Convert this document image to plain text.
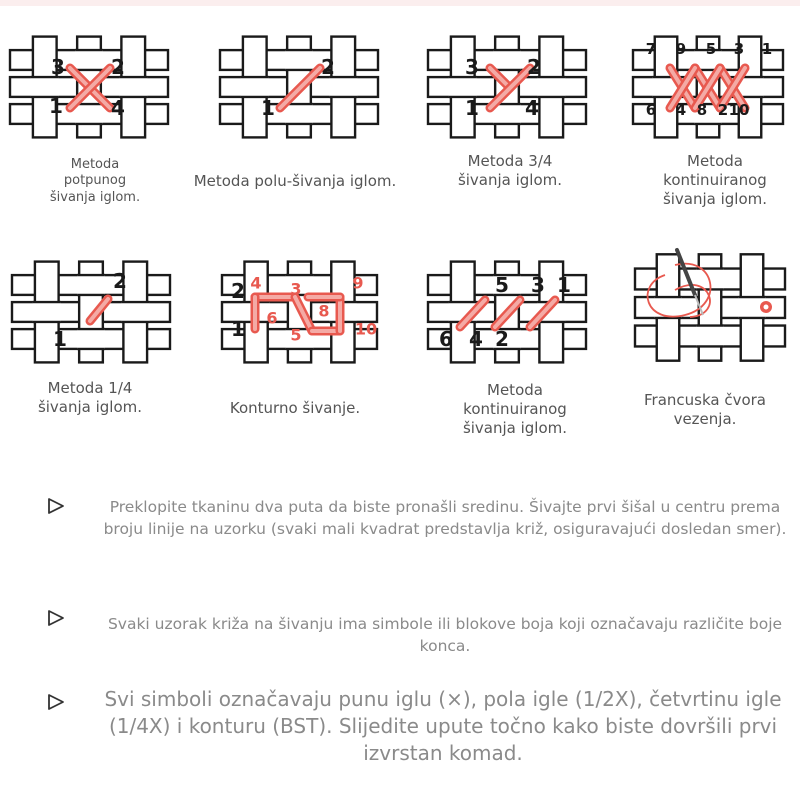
3 2
1 4
Metoda potpunog šivanja iglom.
2
1
Metoda polu-šivanja iglom.
3 2
1 4
Metoda 3/4 šivanja iglom.
7 9 5 3 1
6 4 8 2 10
Metoda kontinuiranog šivanja iglom.
2
1
Metoda 1/4 šivanja iglom.
2
1
4 3	9
6	8
5	10
Konturno šivanje.
5 3 1
6 4 2
Metoda kontinuiranog šivanja iglom.
Francuska čvora vezenja.
Preklopite tkaninu dva puta da biste pronašli sredinu. Šivajte prvi šišal u centru prema broju linije na uzorku (svaki mali kvadrat predstavlja križ, osiguravajući dosledan smer).
Svaki uzorak križa na šivanju ima simbole ili blokove boja koji označavaju različite boje konca.
Svi simboli označavaju punu iglu (×), pola igle (1/2X), četvrtinu igle (1/4X) i konturu (BST). Slijedite upute točno kako biste dovršili prvi izvrstan komad.
